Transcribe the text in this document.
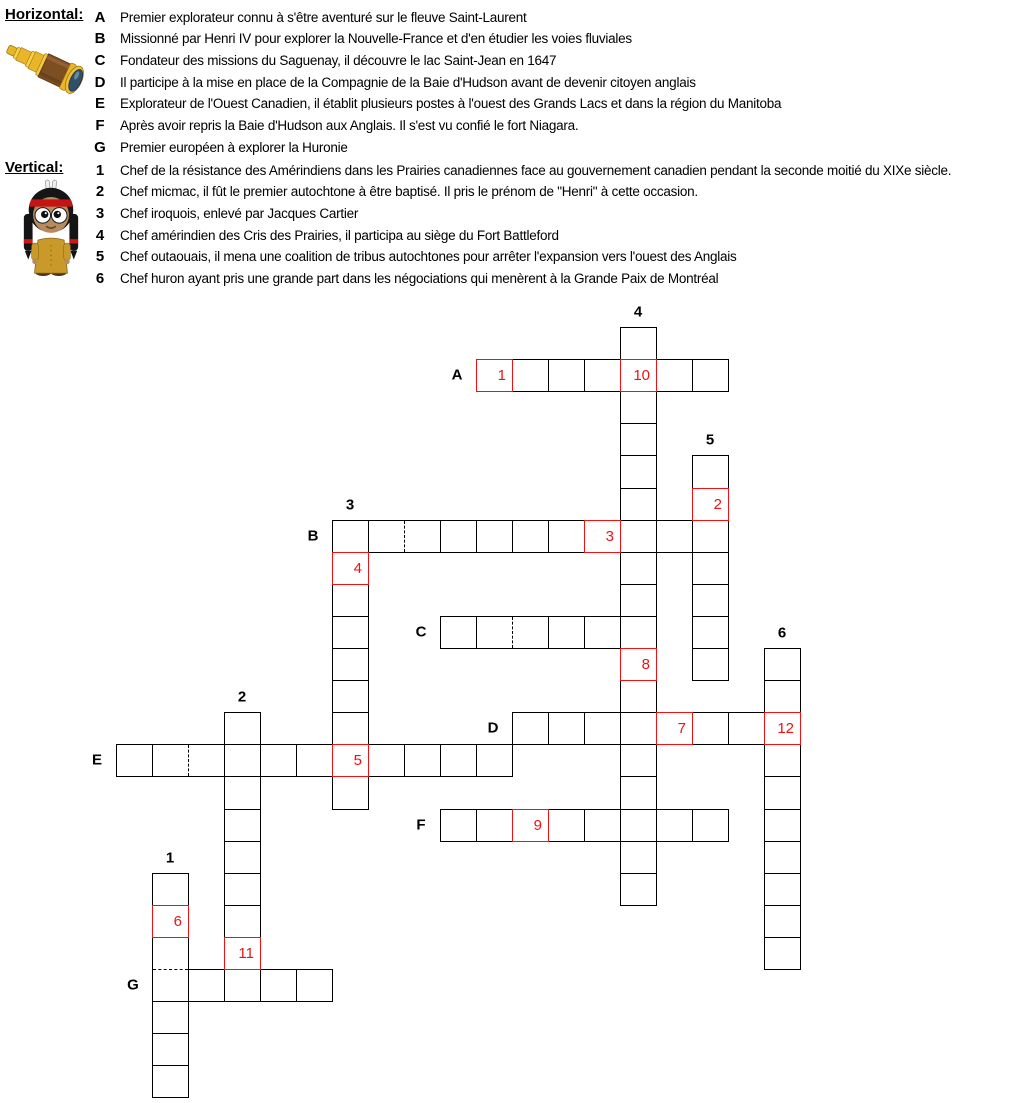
Horizontal:
Vertical:
A
B
C
D
E
F
G
1
2
3
4
5
6
1
2
3
4
5
6
7
8
9
10
11
12
A	Premier explorateur connu à s'être aventuré sur le fleuve Saint-Laurent
B	Missionné par Henri IV pour explorer la Nouvelle-France et d'en étudier les voies fluviales
C	Fondateur des missions du Saguenay, il découvre le lac Saint-Jean en 1647
D	Il participe à la mise en place de la Compagnie de la Baie d'Hudson avant de devenir citoyen anglais
E	Explorateur de l'Ouest Canadien, il établit plusieurs postes à l'ouest des Grands Lacs et dans la région du Manitoba
F	Après avoir repris la Baie d'Hudson aux Anglais. Il s'est vu confié le fort Niagara.
G	Premier européen à explorer la Huronie
1	Chef de la résistance des Amérindiens dans les Prairies canadiennes face au gouvernement canadien pendant la seconde moitié du XIXe siècle.
2	Chef micmac, il fût le premier autochtone à être baptisé. Il pris le prénom de "Henri" à cette occasion.
3	Chef iroquois, enlevé par Jacques Cartier
4	Chef amérindien des Cris des Prairies, il participa au siège du Fort Battleford
5	Chef outaouais, il mena une coalition de tribus autochtones pour arrêter l'expansion vers l'ouest des Anglais
6	Chef huron ayant pris une grande part dans les négociations qui menèrent à la Grande Paix de Montréal
